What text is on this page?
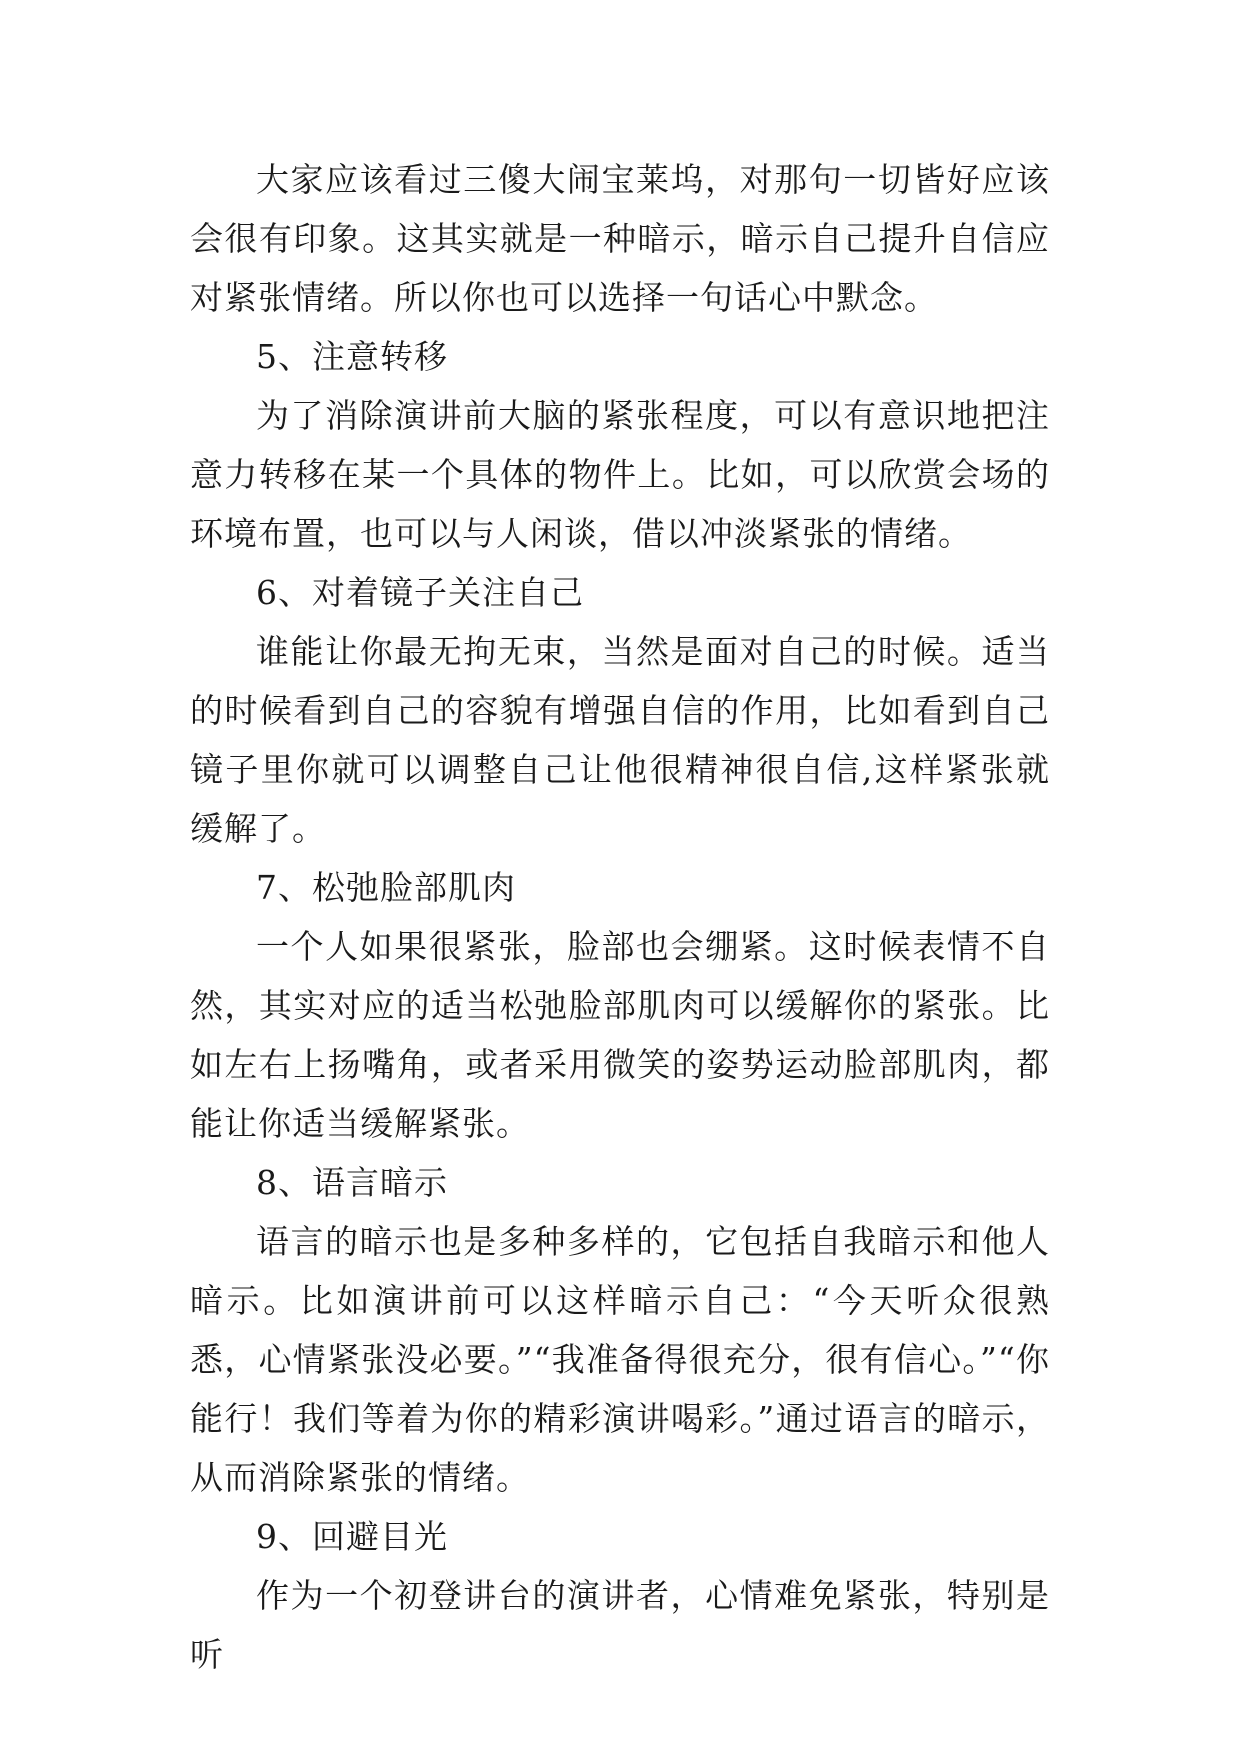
大家应该看过三傻大闹宝莱坞，对那句一切皆好应该会很有印象。这其实就是一种暗示，暗示自己提升自信应对紧张情绪。所以你也可以选择一句话心中默念。

5、注意转移

为了消除演讲前大脑的紧张程度，可以有意识地把注意力转移在某一个具体的物件上。比如，可以欣赏会场的环境布置，也可以与人闲谈，借以冲淡紧张的情绪。

6、对着镜子关注自己

谁能让你最无拘无束，当然是面对自己的时候。适当的时候看到自己的容貌有增强自信的作用，比如看到自己镜子里你就可以调整自己让他很精神很自信,这样紧张就缓解了。

7、松弛脸部肌肉

一个人如果很紧张，脸部也会绷紧。这时候表情不自然，其实对应的适当松弛脸部肌肉可以缓解你的紧张。比如左右上扬嘴角，或者采用微笑的姿势运动脸部肌肉，都能让你适当缓解紧张。

8、语言暗示

语言的暗示也是多种多样的，它包括自我暗示和他人暗示。比如演讲前可以这样暗示自己：“今天听众很熟悉，心情紧张没必要。”“我准备得很充分，很有信心。”“你能行！我们等着为你的精彩演讲喝彩。”通过语言的暗示，从而消除紧张的情绪。

9、回避目光

作为一个初登讲台的演讲者，心情难免紧张，特别是听
